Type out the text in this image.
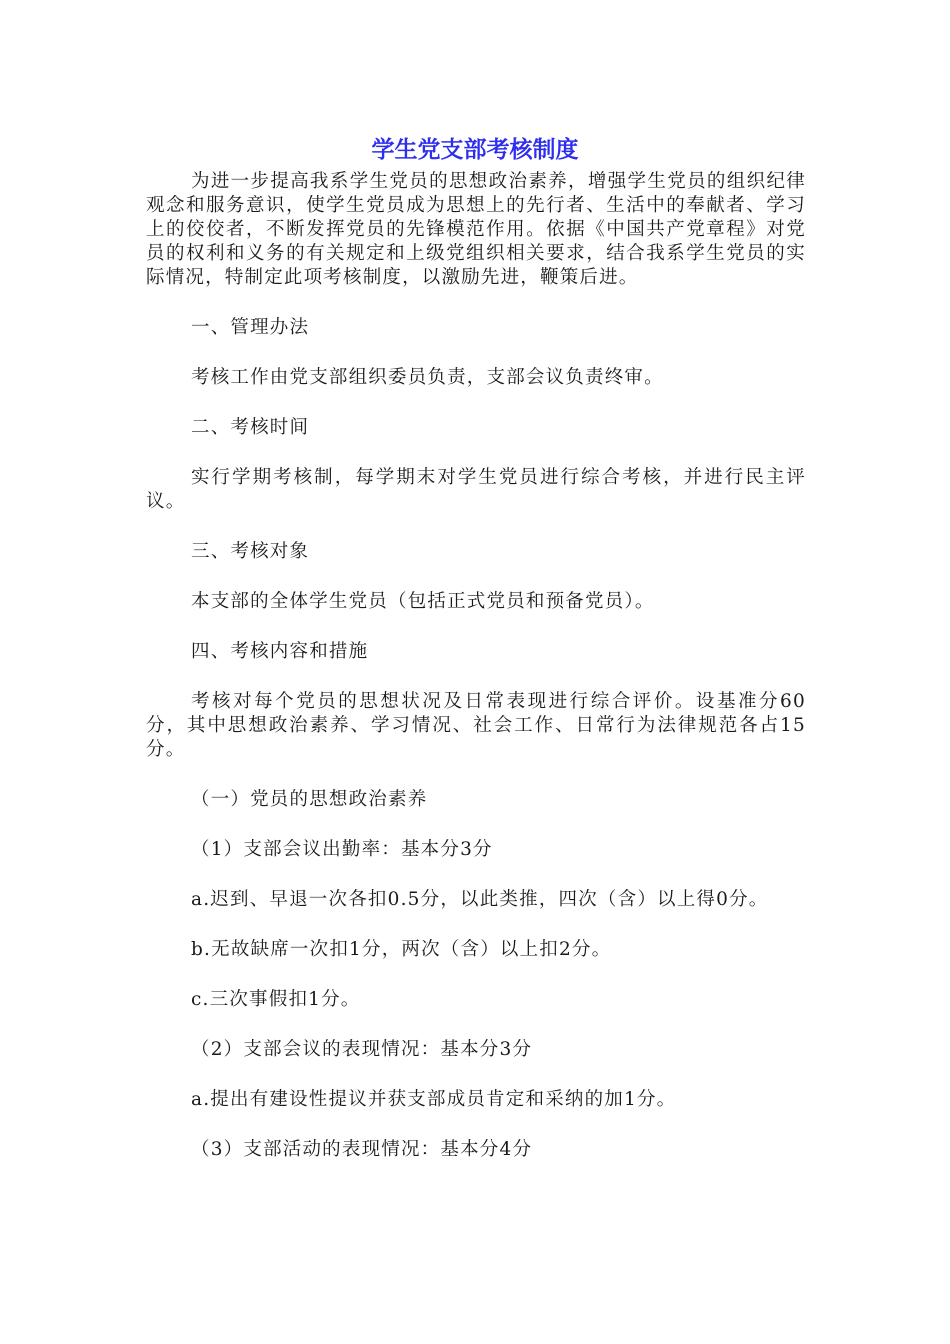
学生党支部考核制度

为进一步提高我系学生党员的思想政治素养，增强学生党员的组织纪律观念和服务意识，使学生党员成为思想上的先行者、生活中的奉献者、学习上的佼佼者，不断发挥党员的先锋模范作用。依据《中国共产党章程》对党员的权利和义务的有关规定和上级党组织相关要求，结合我系学生党员的实际情况，特制定此项考核制度，以激励先进，鞭策后进。

一、管理办法

考核工作由党支部组织委员负责，支部会议负责终审。

二、考核时间

实行学期考核制，每学期末对学生党员进行综合考核，并进行民主评议。

三、考核对象

本支部的全体学生党员（包括正式党员和预备党员）。

四、考核内容和措施

考核对每个党员的思想状况及日常表现进行综合评价。设基准分60分，其中思想政治素养、学习情况、社会工作、日常行为法律规范各占15分。

（一）党员的思想政治素养

（1）支部会议出勤率：基本分3分

a.迟到、早退一次各扣0.5分，以此类推，四次（含）以上得0分。

b.无故缺席一次扣1分，两次（含）以上扣2分。

c.三次事假扣1分。

（2）支部会议的表现情况：基本分3分

a.提出有建设性提议并获支部成员肯定和采纳的加1分。

（3）支部活动的表现情况：基本分4分
